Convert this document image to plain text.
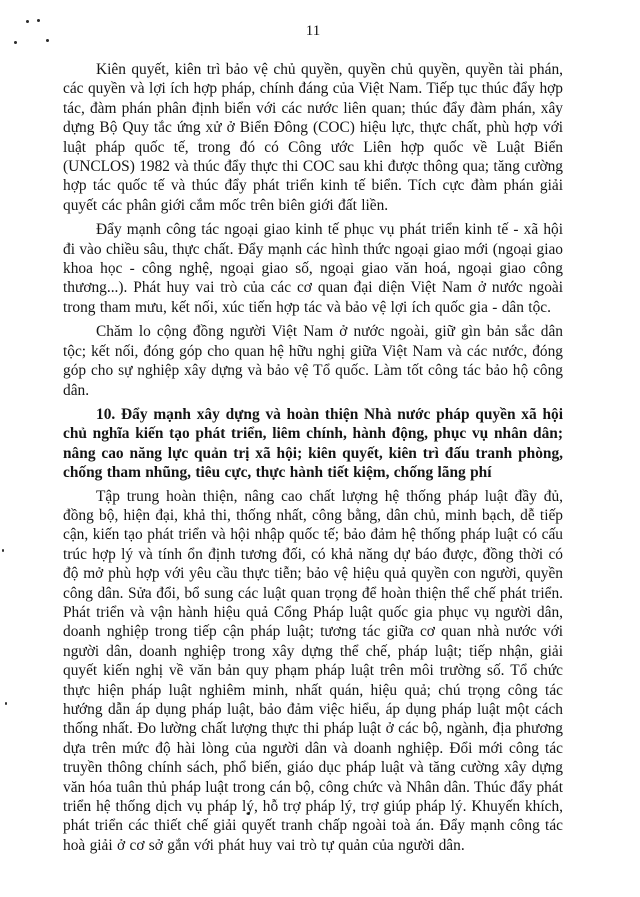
11

Kiên quyết, kiên trì bảo vệ chủ quyền, quyền chủ quyền, quyền tài phán, các quyền và lợi ích hợp pháp, chính đáng của Việt Nam. Tiếp tục thúc đẩy hợp tác, đàm phán phân định biển với các nước liên quan; thúc đẩy đàm phán, xây dựng Bộ Quy tắc ứng xử ở Biển Đông (COC) hiệu lực, thực chất, phù hợp với luật pháp quốc tế, trong đó có Công ước Liên hợp quốc về Luật Biển (UNCLOS) 1982 và thúc đẩy thực thi COC sau khi được thông qua; tăng cường hợp tác quốc tế và thúc đẩy phát triển kinh tế biển. Tích cực đàm phán giải quyết các phân giới cắm mốc trên biên giới đất liền.

Đẩy mạnh công tác ngoại giao kinh tế phục vụ phát triển kinh tế - xã hội đi vào chiều sâu, thực chất. Đẩy mạnh các hình thức ngoại giao mới (ngoại giao khoa học - công nghệ, ngoại giao số, ngoại giao văn hoá, ngoại giao công thương...). Phát huy vai trò của các cơ quan đại diện Việt Nam ở nước ngoài trong tham mưu, kết nối, xúc tiến hợp tác và bảo vệ lợi ích quốc gia - dân tộc.

Chăm lo cộng đồng người Việt Nam ở nước ngoài, giữ gìn bản sắc dân tộc; kết nối, đóng góp cho quan hệ hữu nghị giữa Việt Nam và các nước, đóng góp cho sự nghiệp xây dựng và bảo vệ Tổ quốc. Làm tốt công tác bảo hộ công dân.

10. Đẩy mạnh xây dựng và hoàn thiện Nhà nước pháp quyền xã hội chủ nghĩa kiến tạo phát triển, liêm chính, hành động, phục vụ nhân dân; nâng cao năng lực quản trị xã hội; kiên quyết, kiên trì đấu tranh phòng, chống tham nhũng, tiêu cực, thực hành tiết kiệm, chống lãng phí

Tập trung hoàn thiện, nâng cao chất lượng hệ thống pháp luật đầy đủ, đồng bộ, hiện đại, khả thi, thống nhất, công bằng, dân chủ, minh bạch, dễ tiếp cận, kiến tạo phát triển và hội nhập quốc tế; bảo đảm hệ thống pháp luật có cấu trúc hợp lý và tính ổn định tương đối, có khả năng dự báo được, đồng thời có độ mở phù hợp với yêu cầu thực tiễn; bảo vệ hiệu quả quyền con người, quyền công dân. Sửa đổi, bổ sung các luật quan trọng để hoàn thiện thể chế phát triển. Phát triển và vận hành hiệu quả Cổng Pháp luật quốc gia phục vụ người dân, doanh nghiệp trong tiếp cận pháp luật; tương tác giữa cơ quan nhà nước với người dân, doanh nghiệp trong xây dựng thể chế, pháp luật; tiếp nhận, giải quyết kiến nghị về văn bản quy phạm pháp luật trên môi trường số. Tổ chức thực hiện pháp luật nghiêm minh, nhất quán, hiệu quả; chú trọng công tác hướng dẫn áp dụng pháp luật, bảo đảm việc hiểu, áp dụng pháp luật một cách thống nhất. Đo lường chất lượng thực thi pháp luật ở các bộ, ngành, địa phương dựa trên mức độ hài lòng của người dân và doanh nghiệp. Đổi mới công tác truyền thông chính sách, phổ biến, giáo dục pháp luật và tăng cường xây dựng văn hóa tuân thủ pháp luật trong cán bộ, công chức và Nhân dân. Thúc đẩy phát triển hệ thống dịch vụ pháp lý, hỗ trợ pháp lý, trợ giúp pháp lý. Khuyến khích, phát triển các thiết chế giải quyết tranh chấp ngoài toà án. Đẩy mạnh công tác hoà giải ở cơ sở gắn với phát huy vai trò tự quản của người dân.
